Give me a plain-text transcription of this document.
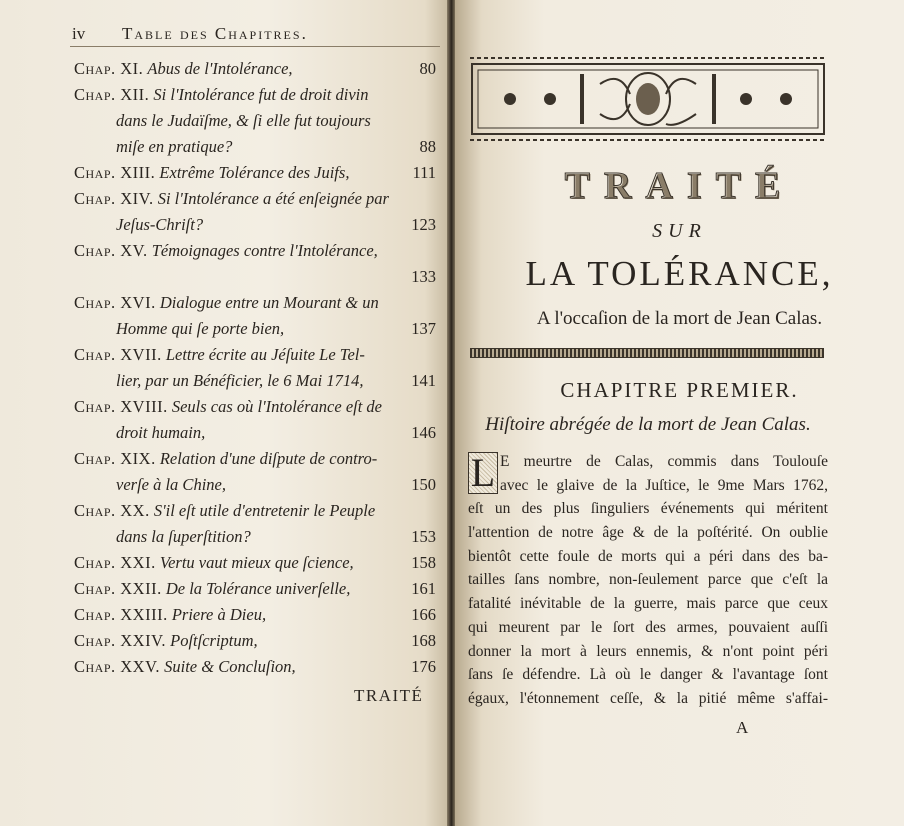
iv Table des Chapitres.
Chap. XI. Abus de l'Intolérance,	80
Chap. XII. Si l'Intolérance fut de droit divin
dans le Judaïſme, & ſi elle fut toujours
miſe en pratique?	88
Chap. XIII. Extrême Tolérance des Juifs,	111
Chap. XIV. Si l'Intolérance a été enſeignée par
Jeſus-Chriſt?	123
Chap. XV. Témoignages contre l'Intolérance,
133
Chap. XVI. Dialogue entre un Mourant & un
Homme qui ſe porte bien,	137
Chap. XVII. Lettre écrite au Jéſuite Le Tel-
lier, par un Bénéficier, le 6 Mai 1714,	141
Chap. XVIII. Seuls cas où l'Intolérance eſt de
droit humain,	146
Chap. XIX. Relation d'une diſpute de contro-
verſe à la Chine,	150
Chap. XX. S'il eſt utile d'entretenir le Peuple
dans la ſuperſtition?	153
Chap. XXI. Vertu vaut mieux que ſcience,	158
Chap. XXII. De la Tolérance univerſelle,	161
Chap. XXIII. Priere à Dieu,	166
Chap. XXIV. Poſtſcriptum,	168
Chap. XXV. Suite & Concluſion,	176
TRAITÉ
TRAITÉ
SUR
LA TOLÉRANCE,
A l'occaſion de la mort de Jean Calas.
CHAPITRE PREMIER.
Hiſtoire abrégée de la mort de Jean Calas.
L E meurtre de Calas, commis dans Toulouſe
avec le glaive de la Juſtice, le 9me Mars 1762,
eſt un des plus ſinguliers événements qui méritent
l'attention de notre âge & de la poſtérité. On oublie
bientôt cette foule de morts qui a péri dans des ba-
tailles ſans nombre, non-ſeulement parce que c'eſt la
fatalité inévitable de la guerre, mais parce que ceux
qui meurent par le ſort des armes, pouvaient auſſi
donner la mort à leurs ennemis, & n'ont point péri
ſans ſe défendre. Là où le danger & l'avantage ſont
égaux, l'étonnement ceſſe, & la pitié même s'affai-
A
